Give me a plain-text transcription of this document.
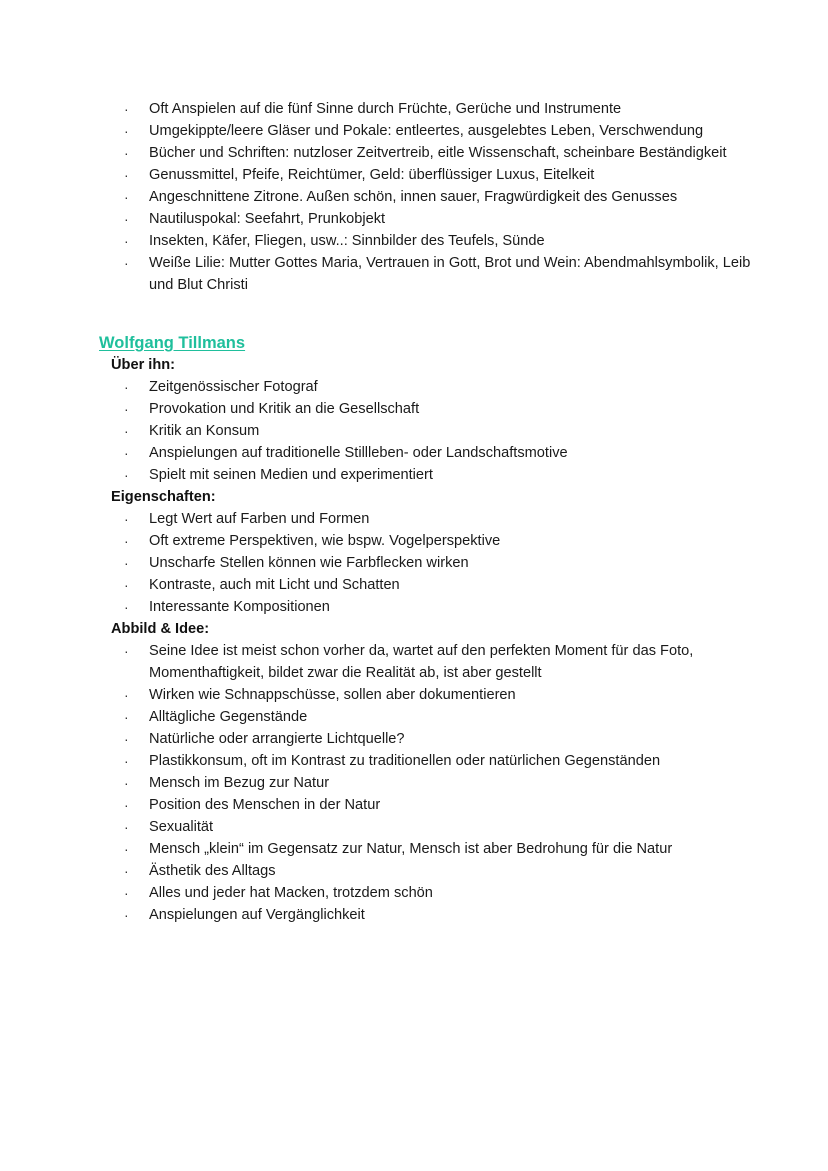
·	Oft Anspielen auf die fünf Sinne durch Früchte, Gerüche und Instrumente
·	Umgekippte/leere Gläser und Pokale: entleertes, ausgelebtes Leben, Verschwendung
·	Bücher und Schriften: nutzloser Zeitvertreib, eitle Wissenschaft, scheinbare Beständigkeit
·	Genussmittel, Pfeife, Reichtümer, Geld: überflüssiger Luxus, Eitelkeit
·	Angeschnittene Zitrone. Außen schön, innen sauer, Fragwürdigkeit des Genusses
·	Nautiluspokal: Seefahrt, Prunkobjekt
·	Insekten, Käfer, Fliegen, usw..: Sinnbilder des Teufels, Sünde
·	Weiße Lilie: Mutter Gottes Maria, Vertrauen in Gott, Brot und Wein: Abendmahlsymbolik, Leib und Blut Christi
Wolfgang Tillmans
Über ihn:
·	Zeitgenössischer Fotograf
·	Provokation und Kritik an die Gesellschaft
·	Kritik an Konsum
·	Anspielungen auf traditionelle Stillleben- oder Landschaftsmotive
·	Spielt mit seinen Medien und experimentiert
Eigenschaften:
·	Legt Wert auf Farben und Formen
·	Oft extreme Perspektiven, wie bspw. Vogelperspektive
·	Unscharfe Stellen können wie Farbflecken wirken
·	Kontraste, auch mit Licht und Schatten
·	Interessante Kompositionen
Abbild & Idee:
·	Seine Idee ist meist schon vorher da, wartet auf den perfekten Moment für das Foto, Momenthaftigkeit, bildet zwar die Realität ab, ist aber gestellt
·	Wirken wie Schnappschüsse, sollen aber dokumentieren
·	Alltägliche Gegenstände
·	Natürliche oder arrangierte Lichtquelle?
·	Plastikkonsum, oft im Kontrast zu traditionellen oder natürlichen Gegenständen
·	Mensch im Bezug zur Natur
·	Position des Menschen in der Natur
·	Sexualität
·	Mensch „klein“ im Gegensatz zur Natur, Mensch ist aber Bedrohung für die Natur
·	Ästhetik des Alltags
·	Alles und jeder hat Macken, trotzdem schön
·	Anspielungen auf Vergänglichkeit
